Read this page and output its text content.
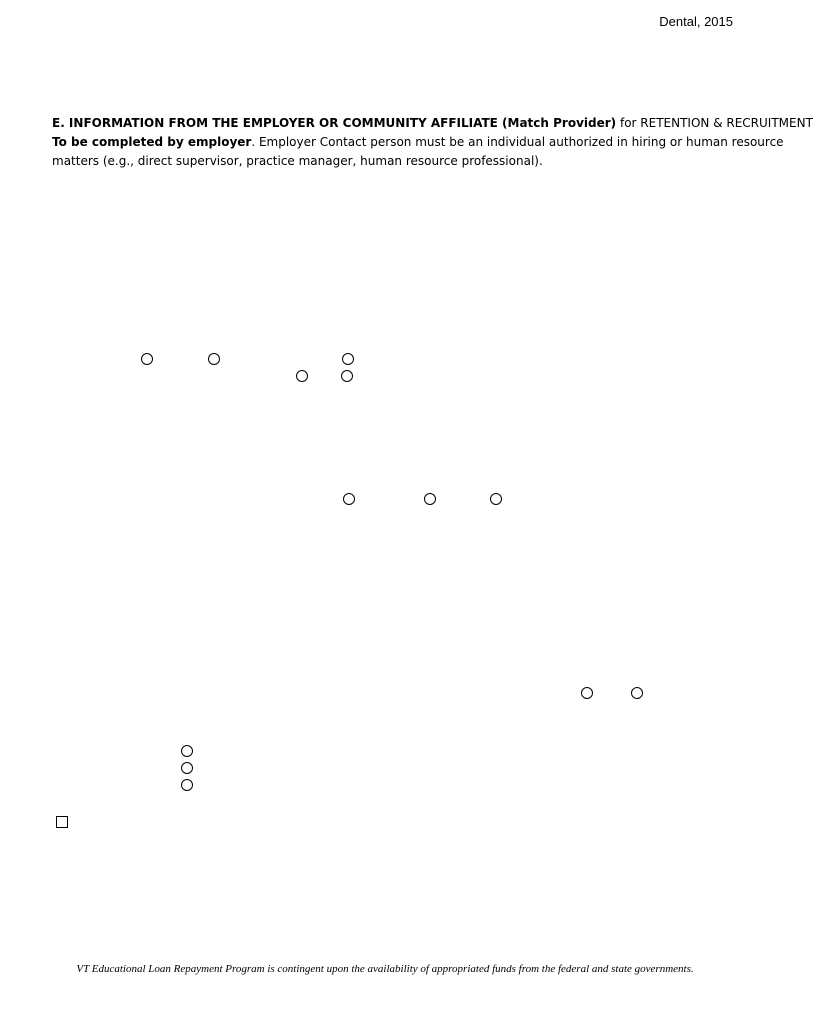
Dental, 2015
E. INFORMATION FROM THE EMPLOYER OR COMMUNITY AFFILIATE (Match Provider) for RETENTION & RECRUITMENT
To be completed by employer. Employer Contact person must be an individual authorized in hiring or human resource
matters (e.g., direct supervisor, practice manager, human resource professional).
VT Educational Loan Repayment Program is contingent upon the availability of appropriated funds from the federal and state governments.
